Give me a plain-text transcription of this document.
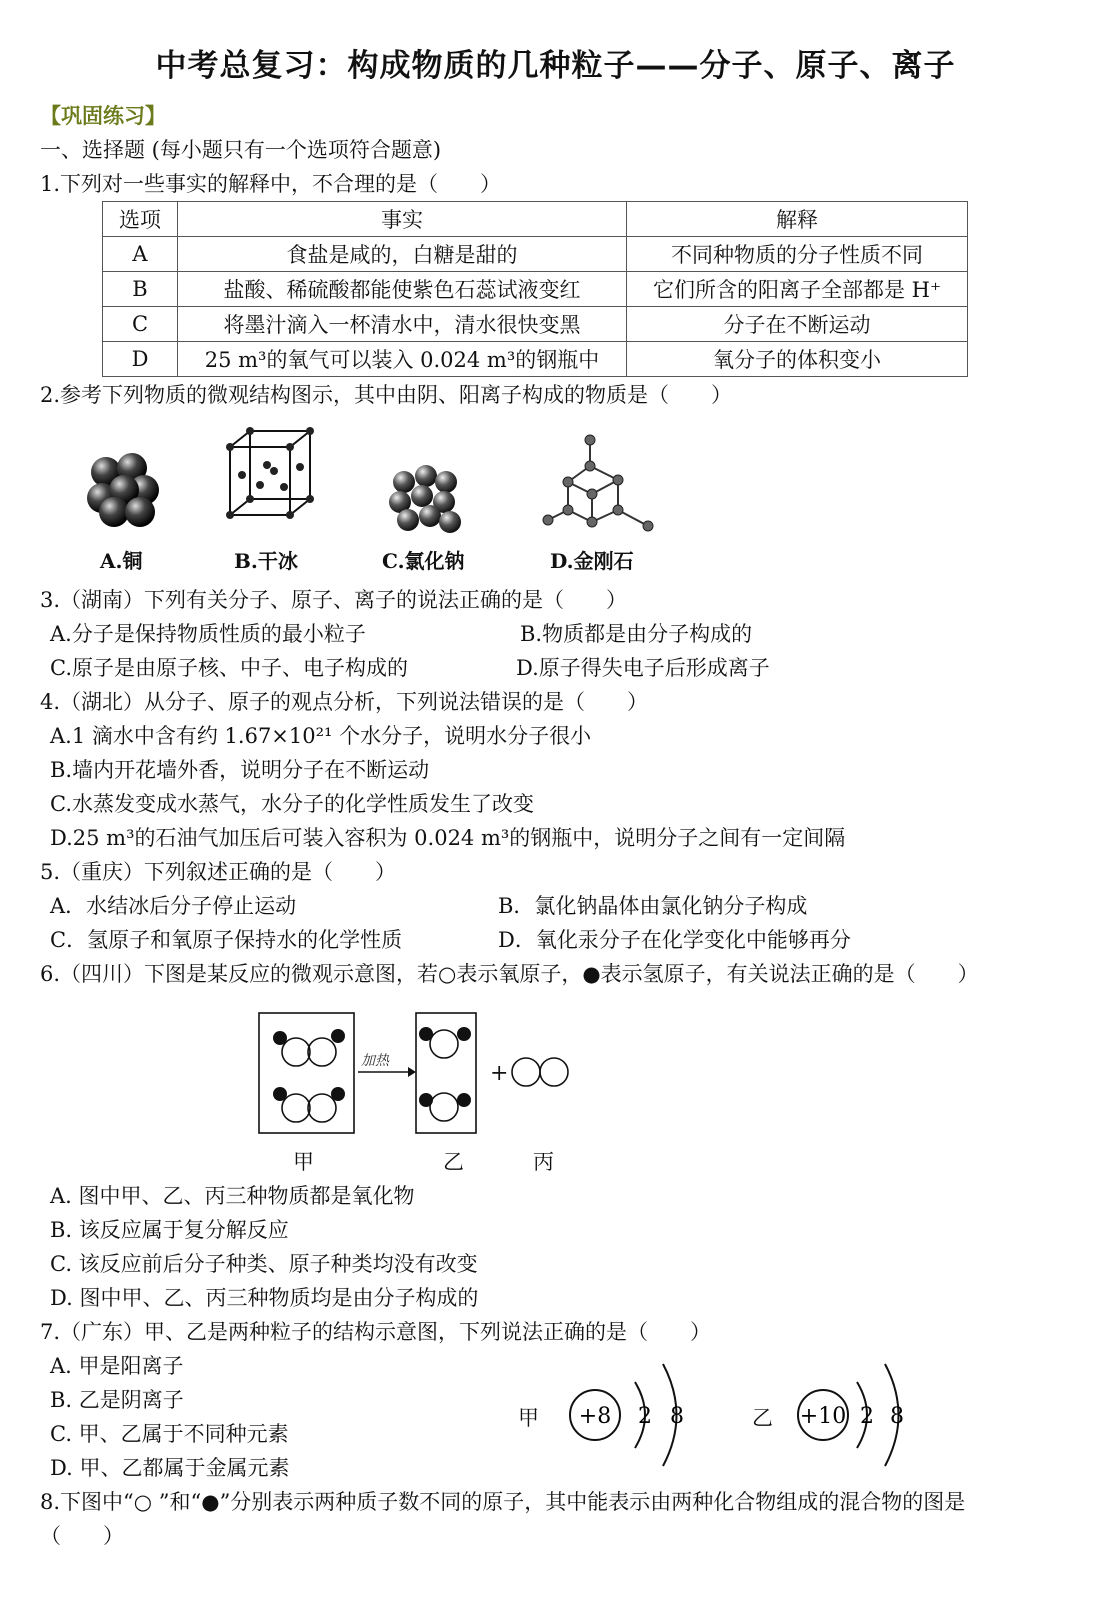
中考总复习：构成物质的几种粒子——分子、原子、离子
【巩固练习】
一、选择题 (每小题只有一个选项符合题意)
1.下列对一些事实的解释中，不合理的是（　　）
选项	事实	解释
A	食盐是咸的，白糖是甜的	不同种物质的分子性质不同
B	盐酸、稀硫酸都能使紫色石蕊试液变红	它们所含的阳离子全部都是 H⁺
C	将墨汁滴入一杯清水中，清水很快变黑	分子在不断运动
D	25 m³的氧气可以装入 0.024 m³的钢瓶中	氧分子的体积变小
2.参考下列物质的微观结构图示，其中由阴、阳离子构成的物质是（　　）
A.铜	B.干冰	C.氯化钠	D.金刚石
3.（湖南）下列有关分子、原子、离子的说法正确的是（　　）
A.分子是保持物质性质的最小粒子	B.物质都是由分子构成的
C.原子是由原子核、中子、电子构成的	D.原子得失电子后形成离子
4.（湖北）从分子、原子的观点分析，下列说法错误的是（　　）
A.1 滴水中含有约 1.67×10²¹ 个水分子，说明水分子很小
B.墙内开花墙外香，说明分子在不断运动
C.水蒸发变成水蒸气，水分子的化学性质发生了改变
D.25 m³的石油气加压后可装入容积为 0.024 m³的钢瓶中，说明分子之间有一定间隔
5.（重庆）下列叙述正确的是（　　）
A．水结冰后分子停止运动	B．氯化钠晶体由氯化钠分子构成
C．氢原子和氧原子保持水的化学性质	D．氧化汞分子在化学变化中能够再分
6.（四川）下图是某反应的微观示意图，若○表示氧原子，●表示氢原子，有关说法正确的是（　　）
加热	+
甲	乙	丙
A. 图中甲、乙、丙三种物质都是氧化物
B. 该反应属于复分解反应
C. 该反应前后分子种类、原子种类均没有改变
D. 图中甲、乙、丙三种物质均是由分子构成的
7.（广东）甲、乙是两种粒子的结构示意图，下列说法正确的是（　　）
A. 甲是阳离子
B. 乙是阴离子
C. 甲、乙属于不同种元素
D. 甲、乙都属于金属元素
甲 +8 2 8	乙 +10 2 8
8.下图中“○ ”和“●”分别表示两种质子数不同的原子，其中能表示由两种化合物组成的混合物的图是
（　　）
